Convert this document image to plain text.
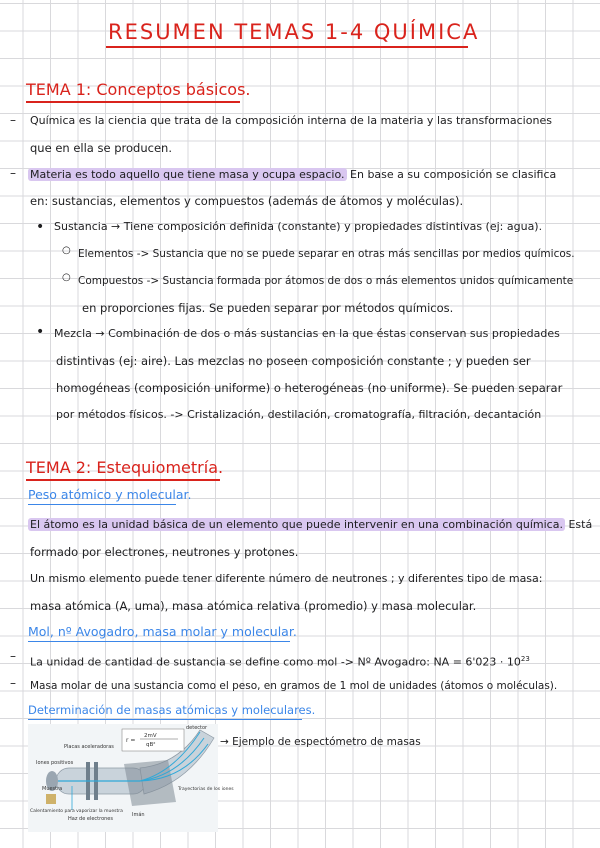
RESUMEN TEMAS 1-4 QUÍMICA
TEMA 1: Conceptos básicos.
– Química es la ciencia que trata de la composición interna de la materia y las transformaciones
que en ella se producen.
– Materia es todo aquello que tiene masa y ocupa espacio. En base a su composición se clasifica
en: sustancias, elementos y compuestos (además de átomos y moléculas).
• Sustancia → Tiene composición definida (constante) y propiedades distintivas (ej: agua).
○ Elementos -> Sustancia que no se puede separar en otras más sencillas por medios químicos.
○ Compuestos -> Sustancia formada por átomos de dos o más elementos unidos químicamente
en proporciones fijas. Se pueden separar por métodos químicos.
• Mezcla → Combinación de dos o más sustancias en la que éstas conservan sus propiedades
distintivas (ej: aire). Las mezclas no poseen composición constante ; y pueden ser
homogéneas (composición uniforme) o heterogéneas (no uniforme). Se pueden separar
por métodos físicos. -> Cristalización, destilación, cromatografía, filtración, decantación
TEMA 2: Estequiometría.
Peso atómico y molecular.
El átomo es la unidad básica de un elemento que puede intervenir en una combinación química. Está
formado por electrones, neutrones y protones.
Un mismo elemento puede tener diferente número de neutrones ; y diferentes tipo de masa:
masa atómica (A, uma), masa atómica relativa (promedio) y masa molecular.
Mol, nº Avogadro, masa molar y molecular.
– La unidad de cantidad de sustancia se define como mol -> Nº Avogadro: NA = $6'023 \cdot 10^{23}$
– Masa molar de una sustancia como el peso, en gramos de 1 mol de unidades (átomos o moléculas).
Determinación de masas atómicas y moleculares.
r =
2mV
qB²
detector
Placas aceleradoras
Iones positivos
Muestra
Calentamiento para vaporizar la muestra
Haz de electrones
Imán
Trayectorias de los iones
→ Ejemplo de espectómetro de masas
